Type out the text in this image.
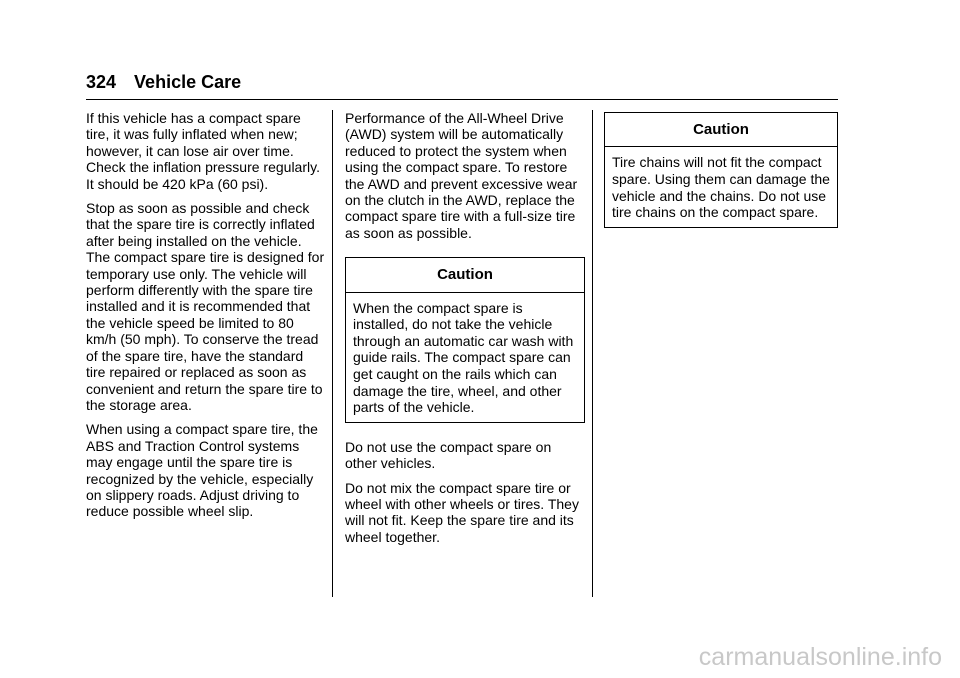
324 Vehicle Care

If this vehicle has a compact spare tire, it was fully inflated when new; however, it can lose air over time. Check the inflation pressure regularly. It should be 420 kPa (60 psi).

Stop as soon as possible and check that the spare tire is correctly inflated after being installed on the vehicle. The compact spare tire is designed for temporary use only. The vehicle will perform differently with the spare tire installed and it is recommended that the vehicle speed be limited to 80 km/h (50 mph). To conserve the tread of the spare tire, have the standard tire repaired or replaced as soon as convenient and return the spare tire to the storage area.

When using a compact spare tire, the ABS and Traction Control systems may engage until the spare tire is recognized by the vehicle, especially on slippery roads. Adjust driving to reduce possible wheel slip.

Performance of the All-Wheel Drive (AWD) system will be automatically reduced to protect the system when using the compact spare. To restore the AWD and prevent excessive wear on the clutch in the AWD, replace the compact spare tire with a full-size tire as soon as possible.

Caution
When the compact spare is installed, do not take the vehicle through an automatic car wash with guide rails. The compact spare can get caught on the rails which can damage the tire, wheel, and other parts of the vehicle.

Do not use the compact spare on other vehicles.

Do not mix the compact spare tire or wheel with other wheels or tires. They will not fit. Keep the spare tire and its wheel together.

Caution
Tire chains will not fit the compact spare. Using them can damage the vehicle and the chains. Do not use tire chains on the compact spare.
carmanualsonline.info
